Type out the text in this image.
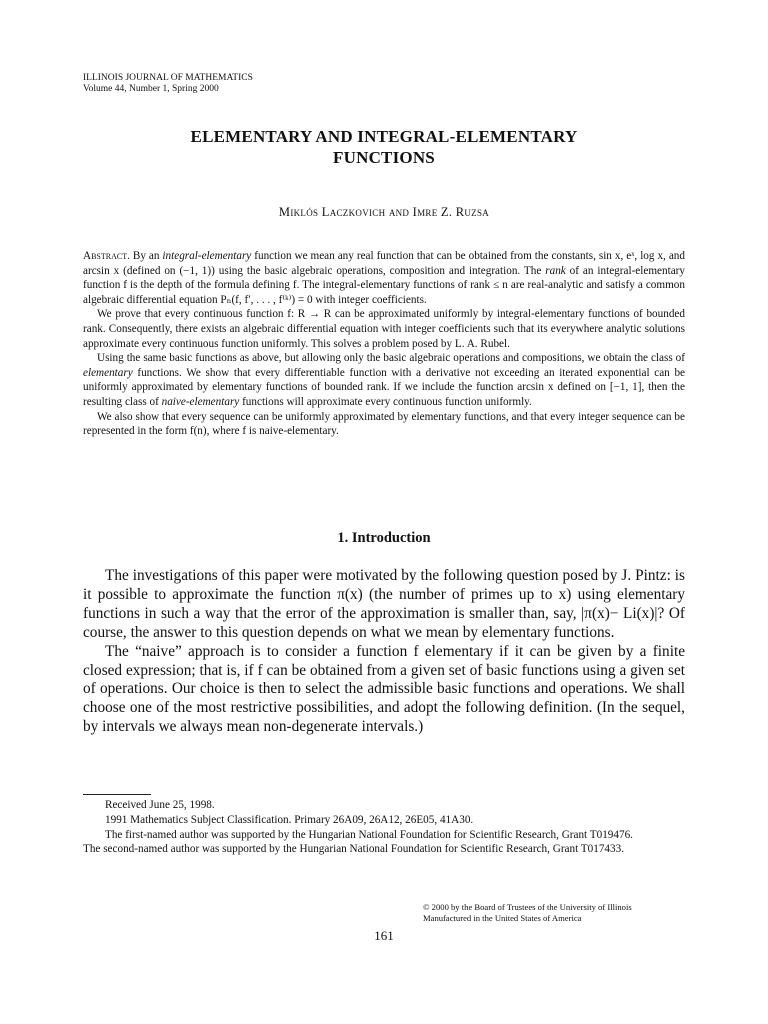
ILLINOIS JOURNAL OF MATHEMATICS
Volume 44, Number 1, Spring 2000
ELEMENTARY AND INTEGRAL-ELEMENTARY
FUNCTIONS
Miklós Laczkovich and Imre Z. Ruzsa

Abstract. By an integral-elementary function we mean any real function that can be obtained from the constants, sin x, eˣ, log x, and arcsin x (defined on (−1, 1)) using the basic algebraic operations, composition and integration. The rank of an integral-elementary function f is the depth of the formula defining f. The integral-elementary functions of rank ≤ n are real-analytic and satisfy a common algebraic differential equation Pₙ(f, f′, . . . , f⁽ᵏ⁾) = 0 with integer coefficients.

We prove that every continuous function f: R → R can be approximated uniformly by integral-elementary functions of bounded rank. Consequently, there exists an algebraic differential equation with integer coefficients such that its everywhere analytic solutions approximate every continuous function uniformly. This solves a problem posed by L. A. Rubel.

Using the same basic functions as above, but allowing only the basic algebraic operations and compositions, we obtain the class of elementary functions. We show that every differentiable function with a derivative not exceeding an iterated exponential can be uniformly approximated by elementary functions of bounded rank. If we include the function arcsin x defined on [−1, 1], then the resulting class of naive-elementary functions will approximate every continuous function uniformly.

We also show that every sequence can be uniformly approximated by elementary functions, and that every integer sequence can be represented in the form f(n), where f is naive-elementary.

1. Introduction

The investigations of this paper were motivated by the following question posed by J. Pintz: is it possible to approximate the function π(x) (the number of primes up to x) using elementary functions in such a way that the error of the approximation is smaller than, say, |π(x)− Li(x)|? Of course, the answer to this question depends on what we mean by elementary functions.

The “naive” approach is to consider a function f elementary if it can be given by a finite closed expression; that is, if f can be obtained from a given set of basic functions using a given set of operations. Our choice is then to select the admissible basic functions and operations. We shall choose one of the most restrictive possibilities, and adopt the following definition. (In the sequel, by intervals we always mean non-degenerate intervals.)

Received June 25, 1998.

1991 Mathematics Subject Classification. Primary 26A09, 26A12, 26E05, 41A30.

The first-named author was supported by the Hungarian National Foundation for Scientific Research, Grant T019476.

The second-named author was supported by the Hungarian National Foundation for Scientific Research, Grant T017433.

© 2000 by the Board of Trustees of the University of Illinois
Manufactured in the United States of America
161
